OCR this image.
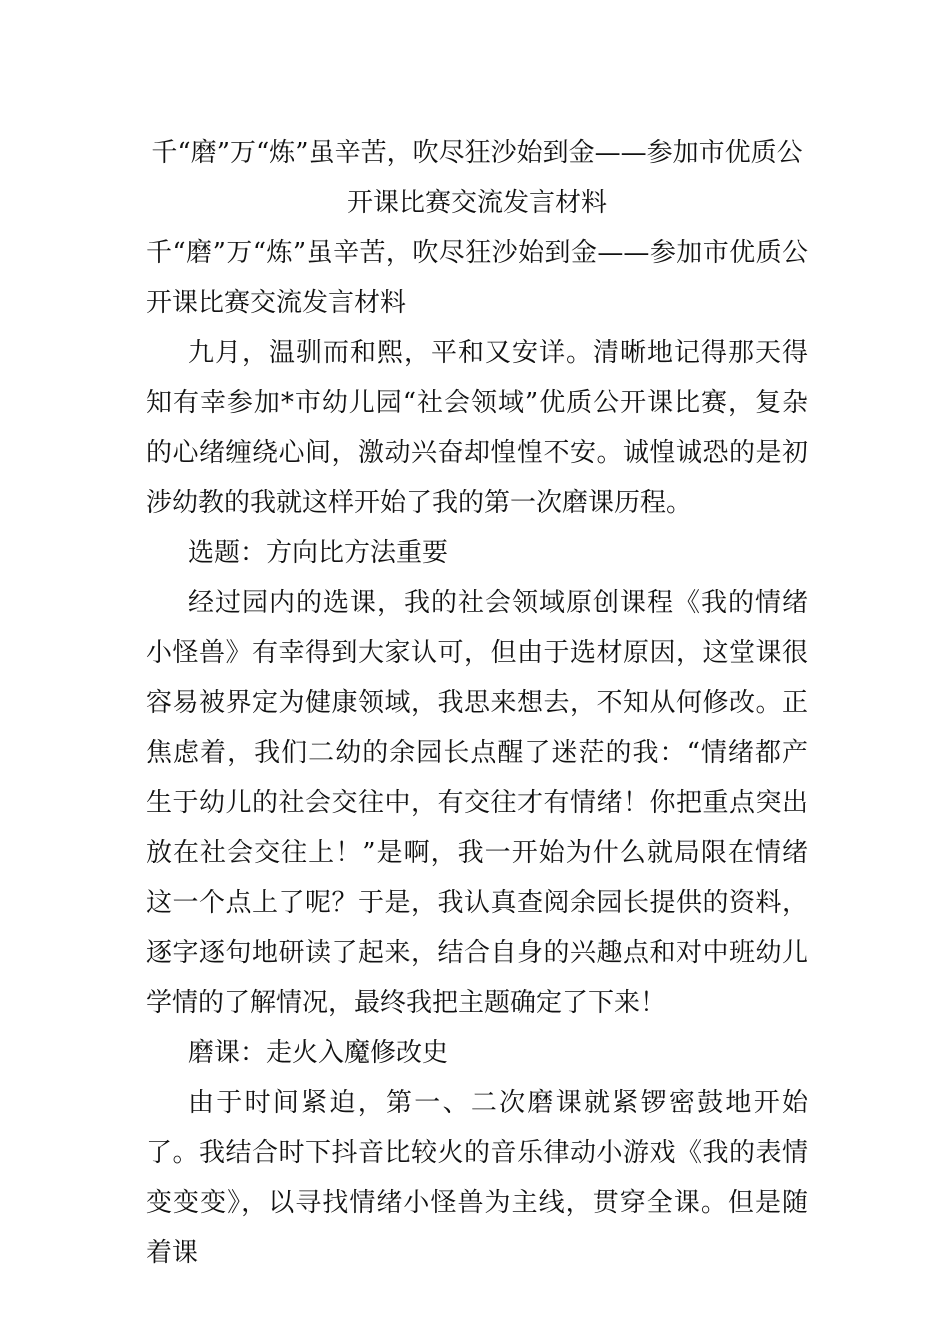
千“磨”万“炼”虽辛苦，吹尽狂沙始到金——参加市优质公开课比赛交流发言材料

千“磨”万“炼”虽辛苦，吹尽狂沙始到金——参加市优质公开课比赛交流发言材料

九月，温驯而和熙，平和又安详。清晰地记得那天得知有幸参加*市幼儿园“社会领域”优质公开课比赛，复杂的心绪缠绕心间，激动兴奋却惶惶不安。诚惶诚恐的是初涉幼教的我就这样开始了我的第一次磨课历程。

选题：方向比方法重要

经过园内的选课，我的社会领域原创课程《我的情绪小怪兽》有幸得到大家认可，但由于选材原因，这堂课很容易被界定为健康领域，我思来想去，不知从何修改。正焦虑着，我们二幼的余园长点醒了迷茫的我：“情绪都产生于幼儿的社会交往中，有交往才有情绪！你把重点突出放在社会交往上！”是啊，我一开始为什么就局限在情绪这一个点上了呢？于是，我认真查阅余园长提供的资料，逐字逐句地研读了起来，结合自身的兴趣点和对中班幼儿学情的了解情况，最终我把主题确定了下来！

磨课：走火入魔修改史

由于时间紧迫，第一、二次磨课就紧锣密鼓地开始了。我结合时下抖音比较火的音乐律动小游戏《我的表情变变变》，以寻找情绪小怪兽为主线，贯穿全课。但是随着课
